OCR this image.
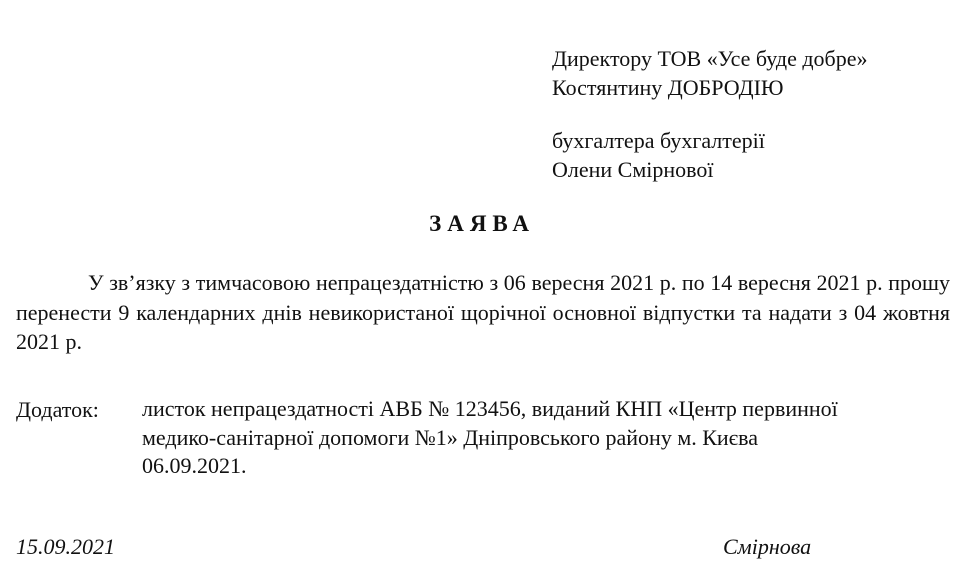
Директору ТОВ «Усе буде добре»
Костянтину ДОБРОДІЮ
бухгалтера бухгалтерії
Олени Смірнової
ЗАЯВА
У зв’язку з тимчасовою непрацездатністю з 06 вересня 2021 р. по 14 вересня 2021 р. прошу перенести 9 календарних днів невикористаної щорічної основної відпустки та надати з 04 жовтня 2021 р.
Додаток:	листок непрацездатності АВБ № 123456, виданий КНП «Центр первинної
медико-санітарної допомоги №1» Дніпровського району м. Києва
06.09.2021.
15.09.2021	Смірнова
